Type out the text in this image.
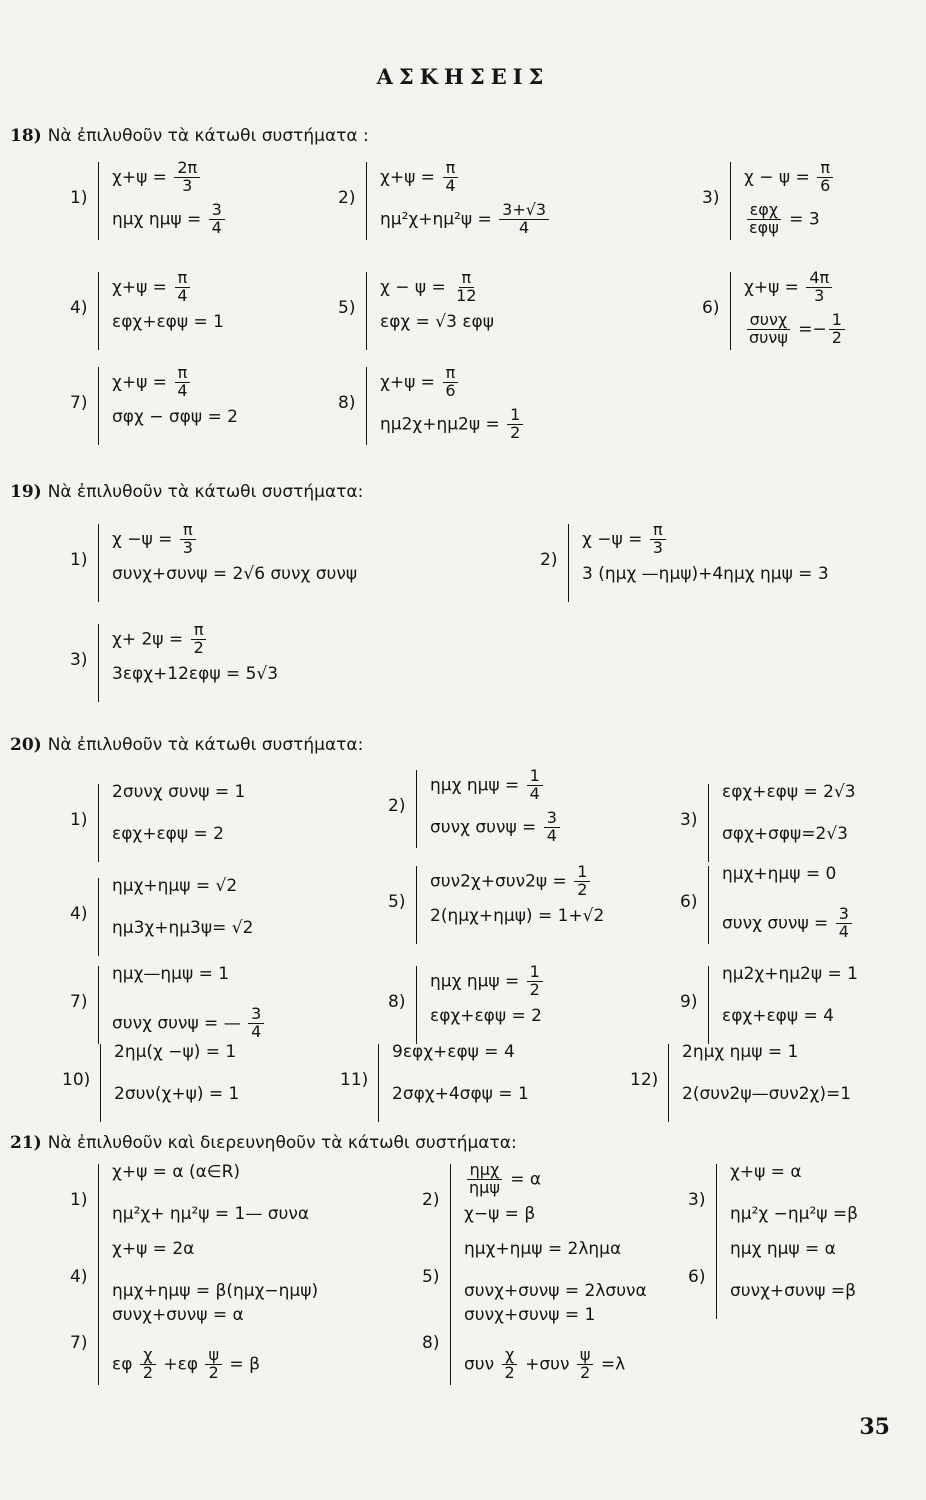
ΑΣΚΗΣΕΙΣ
18) Νὰ ἐπιλυθοῦν τὰ κάτωθι συστήματα :
1)
$\chi+\psi = \frac{2\pi}{3}$
ημχ $\eta\mu\psi = \frac{3}{4}$
2)
$\chi+\psi = \frac{\pi}{4}$
$\eta\mu^2\chi+\eta\mu^2\psi = \frac{3+√3}{4}$
3)
$\chi - \psi = \frac{\pi}{6}$
εφχ
εφψ = 3
4)
$\chi+\psi = \frac{\pi}{4}$
εφχ+εφψ = 1
5)
$\chi - \psi = \frac{\pi}{12}$
εφχ = √3 εφψ
6)
$\chi+\psi = \frac{4\pi}{3}$
συνχ
$\sigma\upsilon\nu\psi =- \frac{1}{2}$
7)
$\chi+\psi = \frac{\pi}{4}$
σφχ − σφψ = 2
8)
$\chi+\psi = \frac{\pi}{6}$
$\eta\mu 2\chi+\eta\mu 2\psi = \frac{1}{2}$
19) Νὰ ἐπιλυθοῦν τὰ κάτωθι συστήματα:
1)
$\chi -\psi = \frac{\pi}{3}$
συνχ+συνψ = 2√6 συνχ συνψ
2)
$\chi -\psi = \frac{\pi}{3}$
3 (ημχ —ημψ)+4ημχ ημψ = 3
3)
$\chi+ 2\psi = \frac{\pi}{2}$
3εφχ+12εφψ = 5√3
20) Νὰ ἐπιλυθοῦν τὰ κάτωθι συστήματα:
1)
2συνχ συνψ = 1
εφχ+εφψ = 2
2)
ημχ $\eta\mu\psi = \frac{1}{4}$
συνχ $\sigma\upsilon\nu\psi = \frac{3}{4}$	3)
εφχ+εφψ = 2√3
σφχ+σφψ=2√3
4)
ημχ+ημψ = √2
ημ3χ+ημ3ψ= √2
5)
$\sigma\upsilon\nu 2\chi+\sigma\upsilon\nu 2\psi = \frac{1}{2}$
2(ημχ+ημψ) = 1+√2
6)
ημχ+ημψ = 0
συνχ $\sigma\upsilon\nu\psi = \frac{3}{4}$
7)
ημχ—ημψ = 1
συνχ συνψ = — $\frac{3}{4}$
8)
ημχ $\eta\mu\psi = \frac{1}{2}$
εφχ+εφψ = 2
9)
ημ2χ+ημ2ψ = 1
εφχ+εφψ = 4
10)
2ημ(χ −ψ) = 1
2συν(χ+ψ) = 1
11)
9εφχ+εφψ = 4
2σφχ+4σφψ = 1
12)
2ημχ ημψ = 1
2(συν2ψ—συν2χ)=1
21) Νὰ ἐπιλυθοῦν καὶ διερευνηθοῦν τὰ κάτωθι συστήματα:
1)
χ+ψ = α (α∈R)
ημ²χ+ ημ²ψ = 1— συνα
2)
ημχ
ημψ = α
χ−ψ = β
3)
χ+ψ = α
ημ²χ −ημ²ψ =β
4)
χ+ψ = 2α
ημχ+ημψ = β(ημχ−ημψ)
5)
ημχ+ημψ = 2ληµα
συνχ+συνψ = 2λσυνα
6)
ημχ ημψ = α
συνχ+συνψ =β
7)
συνχ+συνψ = α
εφ $\frac{\chi}{2} +\varepsilon\varphi \frac{\psi}{2} = \beta$
8)
συνχ+συνψ = 1
συν $\frac{\chi}{2} +\sigma\upsilon\nu \frac{\psi}{2} =\lambda$
35
